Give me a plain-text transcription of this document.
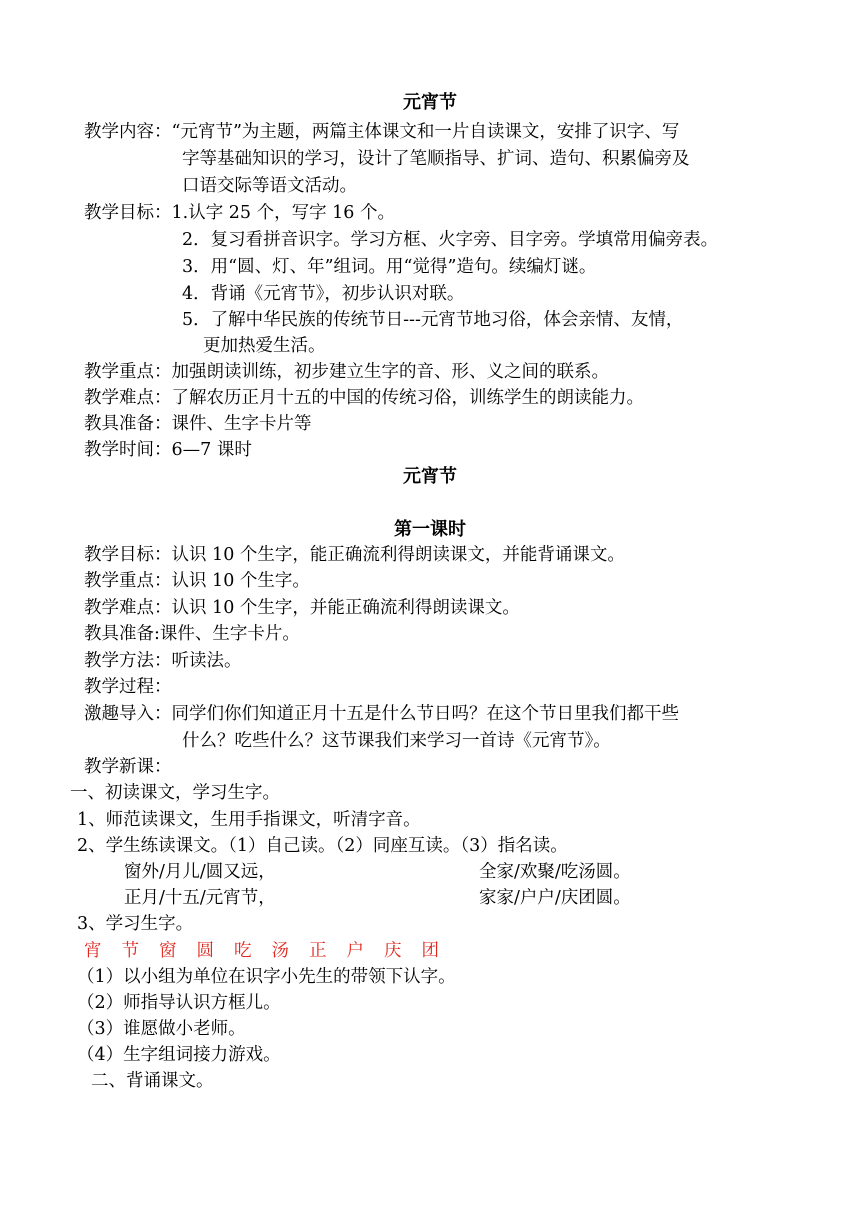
元宵节
教学内容：“元宵节”为主题，两篇主体课文和一片自读课文，安排了识字、写
字等基础知识的学习，设计了笔顺指导、扩词、造句、积累偏旁及
口语交际等语文活动。
教学目标：1.认字 25 个，写字 16 个。
2．复习看拼音识字。学习方框、火字旁、目字旁。学填常用偏旁表。
3．用“圆、灯、年”组词。用“觉得”造句。续编灯谜。
4．背诵《元宵节》，初步认识对联。
5．了解中华民族的传统节日---元宵节地习俗，体会亲情、友情，
更加热爱生活。
教学重点：加强朗读训练，初步建立生字的音、形、义之间的联系。
教学难点：了解农历正月十五的中国的传统习俗，训练学生的朗读能力。
教具准备：课件、生字卡片等
教学时间：6—7 课时
元宵节
第一课时
教学目标：认识 10 个生字，能正确流利得朗读课文，并能背诵课文。
教学重点：认识 10 个生字。
教学难点：认识 10 个生字，并能正确流利得朗读课文。
教具准备:课件、生字卡片。
教学方法：听读法。
教学过程：
激趣导入：同学们你们知道正月十五是什么节日吗？在这个节日里我们都干些
什么？吃些什么？这节课我们来学习一首诗《元宵节》。
教学新课：
一、初读课文，学习生字。
1、师范读课文，生用手指课文，听清字音。
2、学生练读课文。（1）自己读。（2）同座互读。（3）指名读。
窗外/月儿/圆又远，	全家/欢聚/吃汤圆。
正月/十五/元宵节，	家家/户户/庆团圆。
3、学习生字。
宵 节 窗 圆 吃 汤 正 户 庆 团
（1）以小组为单位在识字小先生的带领下认字。
（2）师指导认识方框儿。
（3）谁愿做小老师。
（4）生字组词接力游戏。
二、背诵课文。
